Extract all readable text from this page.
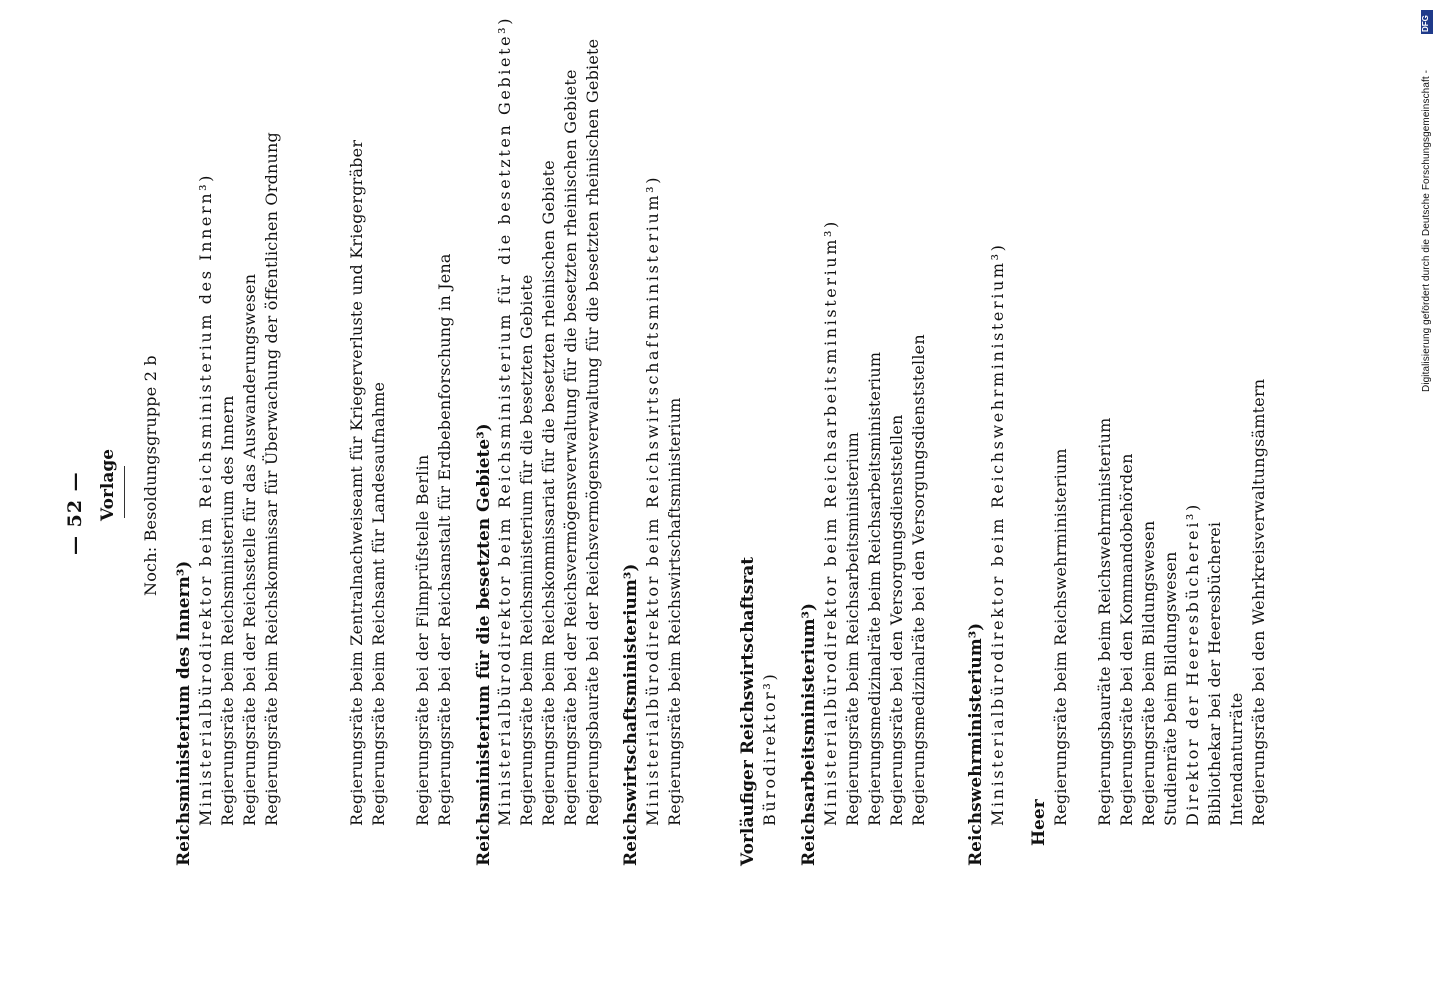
— 52 — Vorlage Noch: Besoldungsgruppe 2 b
Reichsministerium des Innern³) Ministerialbürodirektor beim Reichsministerium des Innern³) Regierungsräte beim Reichsministerium des Innern Regierungsräte bei der Reichsstelle für das Auswanderungswesen Regierungsräte beim Reichskommissar für Überwachung der öffentlichen Ordnung	Regierungsräte beim Zentralnachweiseamt für Kriegerverluste und Kriegergräber Regierungsräte beim Reichsamt für Landesaufnahme Regierungsräte bei der Filmprüfstelle Berlin Regierungsräte bei der Reichsanstalt für Erdbebenforschung in Jena Reichsministerium für die besetzten Gebiete³) Ministerialbürodirektor beim Reichsministerium für die besetzten Gebiete³) Regierungsräte beim Reichsministerium für die besetzten Gebiete Regierungsräte beim Reichskommissariat für die besetzten rheinischen Gebiete Regierungsräte bei der Reichsvermögensverwaltung für die besetzten rheinischen Gebiete Regierungsbauräte bei der Reichsvermögensverwaltung für die besetzten rheinischen Gebiete Reichswirtschaftsministerium³) Ministerialbürodirektor beim Reichswirtschaftsministerium³) Regierungsräte beim Reichswirtschaftsministerium	Vorläufiger Reichswirtschaftsrat Bürodirektor³) Reichsarbeitsministerium³) Ministerialbürodirektor beim Reichsarbeitsministerium³) Regierungsräte beim Reichsarbeitsministerium Regierungsmedizinalräte beim Reichsarbeitsministerium Regierungsräte bei den Versorgungsdienststellen Regierungsmedizinalräte bei den Versorgungsdienststellen Reichswehrministerium³) Ministerialbürodirektor beim Reichswehrministerium³) Heer Regierungsräte beim Reichswehrministerium Regierungsbauräte beim Reichswehrministerium Regierungsräte bei den Kommandobehörden Regierungsräte beim Bildungswesen Studienräte beim Bildungswesen Direktor der Heeresbücherei³) Bibliothekar bei der Heeresbücherei Intendanturräte Regierungsräte bei den Wehrkreisverwaltungsämtern
Digitalisierung gefördert durch die Deutsche Forschungsgemeinschaft -
DFG
